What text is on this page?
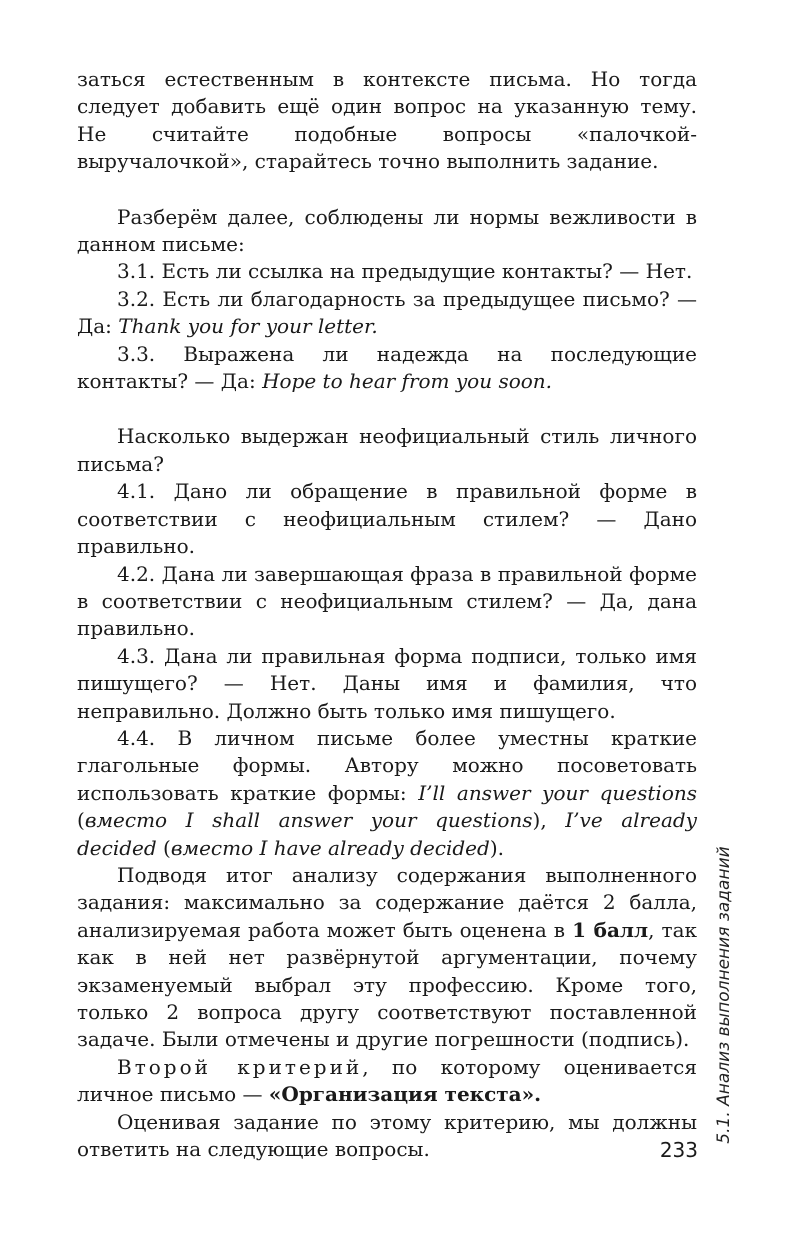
заться естественным в контексте письма. Но тогда следует добавить ещё один вопрос на указанную тему. Не считайте подобные вопросы «палочкой-выручалочкой», старайтесь точно выполнить задание.

Разберём далее, соблюдены ли нормы вежливости в данном письме:

3.1. Есть ли ссылка на предыдущие контакты? — Нет.

3.2. Есть ли благодарность за предыдущее письмо? — Да: Thank you for your letter.

3.3. Выражена ли надежда на последующие контакты? — Да: Hope to hear from you soon.

Насколько выдержан неофициальный стиль личного письма?

4.1. Дано ли обращение в правильной форме в соответствии с неофициальным стилем? — Дано правильно.

4.2. Дана ли завершающая фраза в правильной форме в соответствии с неофициальным стилем? — Да, дана правильно.

4.3. Дана ли правильная форма подписи, только имя пишущего? — Нет. Даны имя и фамилия, что неправильно. Должно быть только имя пишущего.

4.4. В личном письме более уместны краткие глагольные формы. Автору можно посоветовать использовать краткие формы: I’ll answer your questions (вместо I shall answer your questions), I’ve already decided (вместо I have already decided).

Подводя итог анализу содержания выполненного задания: максимально за содержание даётся 2 балла, анализируемая работа может быть оценена в 1 балл, так как в ней нет развёрнутой аргументации, почему экзаменуемый выбрал эту профессию. Кроме того, только 2 вопроса другу соответствуют поставленной задаче. Были отмечены и другие погрешности (подпись).

Второй критерий, по которому оценивается личное письмо — «Организация текста».

Оценивая задание по этому критерию, мы должны ответить на следующие вопросы.

5.1. Анализ выполнения заданий
233
